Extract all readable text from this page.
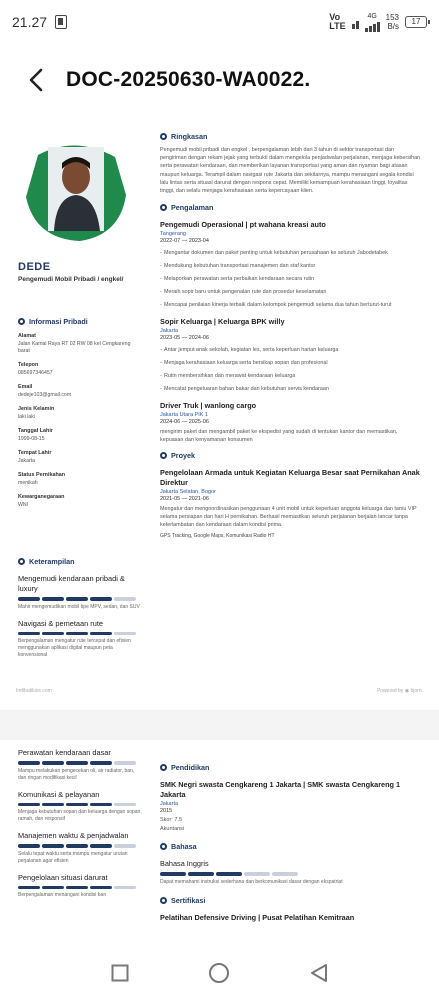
21.27	Vo
LTE
4G 153
B/s
17
DOC-20250630-WA0022.
DEDE
Pengemudi Mobil Pribadi / engkel/
Informasi Pribadi
Alamat
Jalan Kamal Raya RT 02 RW 08 kel Cengkareng barat
Telepon
085697346457
Email
dedeje103@gmail.com
Jenis Kelamin
laki laki
Tanggal Lahir
1999-08-15
Tempat Lahir
Jakarta
Status Pernikahan
menikah
Kewarganegaraan
WNI
Keterampilan
Mengemudi kendaraan pribadi & luxury
Mahir mengemudikan mobil tipe MPV, sedan, dan SUV
Navigasi & pemetaan rute
Berpengalaman mengatur rute tercepat dan efisien menggunakan aplikasi digital maupun peta konvensional
Ringkasan
Pengemudi mobil pribadi dan engkel , berpengalaman lebih dari 3 tahun di sektor transportasi dan pengiriman dengan rekam jejak yang terbukti dalam mengelola penjadwalan perjalanan, menjaga kebersihan serta perawatan kendaraan, dan memberikan layanan transportasi yang aman dan nyaman bagi atasan maupun keluarga. Terampil dalam navigasi rute Jakarta dan sekitarnya, mampu menangani segala kondisi lalu lintas serta situasi darurat dengan respons cepat. Memiliki kemampuan kerahasiaan tinggi, loyalitas tinggi, dan selalu menjaga kerahasiaan serta kepercayaan klien.
Pengalaman
Pengemudi Operasional | pt wahana kreasi auto
Tangerang
2022-07 — 2023-04
- Mengantar dokumen dan paket penting untuk kebutuhan perusahaan ke seluruh Jabodetabek
- Mendukung kebutuhan transportasi manajemen dan staf kantor
- Melaporkan perawatan serta perbaikan kendaraan secara rutin
- Meraih sopir baru untuk pengenalan rute dan prosedur keselamatan
- Mencapai penilaian kinerja terbaik dalam kelompok pengemudi selama dua tahun berturut-turut
Sopir Keluarga | Keluarga BPK willy
Jakarta
2023-05 — 2024-06
- Antar jemput anak sekolah, kegiatan les, serta keperluan harian keluarga
- Menjaga kerahasiaan keluarga serta bersikap sopan dan profesional
- Rutin membersihkan dan merawat kendaraan keluarga
- Mencatat pengeluaran bahan bakar dan kebutuhan servis kendaraan
Driver Truk | wanlong cargo
Jakarta Utara PIK 1
2024-06 — 2025-06
mengirim paket dan mengambil paket ke ekspedisi yang sudah di tentukan kantor dan memastikan, kepuasan dan kenyamanan konsumen
Proyek
Pengelolaan Armada untuk Kegiatan Keluarga Besar saat Pernikahan Anak Direktur
Jakarta Selatan, Bogor
2021-05 — 2021-06
Mengatur dan mengoordinasikan penggunaan 4 unit mobil untuk keperluan anggota keluarga dan tamu VIP selama persiapan dan hari H pernikahan. Berhasil memastikan seluruh perjalanan berjalan lancar tanpa keterlambatan dan kendaraan dalam kondisi prima.
GPS Tracking, Google Maps, Komunikasi Radio HT
Indibutikiox.com	Powered by ◉ bjorn.
Perawatan kendaraan dasar
Mampu melakukan pengecekan oli, air radiator, ban, dan ringan modifikasi kecil
Komunikasi & pelayanan
Menjaga kebutuhan sopan dan keluarga dengan sopan, ramah, dan responsif
Manajemen waktu & penjadwalan
Selalu tepat waktu serta mampu mengatur urutan perjalanan agar efisien
Pengelolaan situasi darurat
Berpengalaman menangani kondisi ban
Pendidikan
SMK Negri swasta Cengkareng 1 Jakarta | SMK swasta Cengkareng 1 Jakarta
Jakarta
2015
Skor: 7.5
Akuntansi
Bahasa
Bahasa Inggris
Dapat memahami instruksi sederhana dan berkomunikasi dasar dengan ekspatriat
Sertifikasi
Pelatihan Defensive Driving | Pusat Pelatihan Kemitraan
